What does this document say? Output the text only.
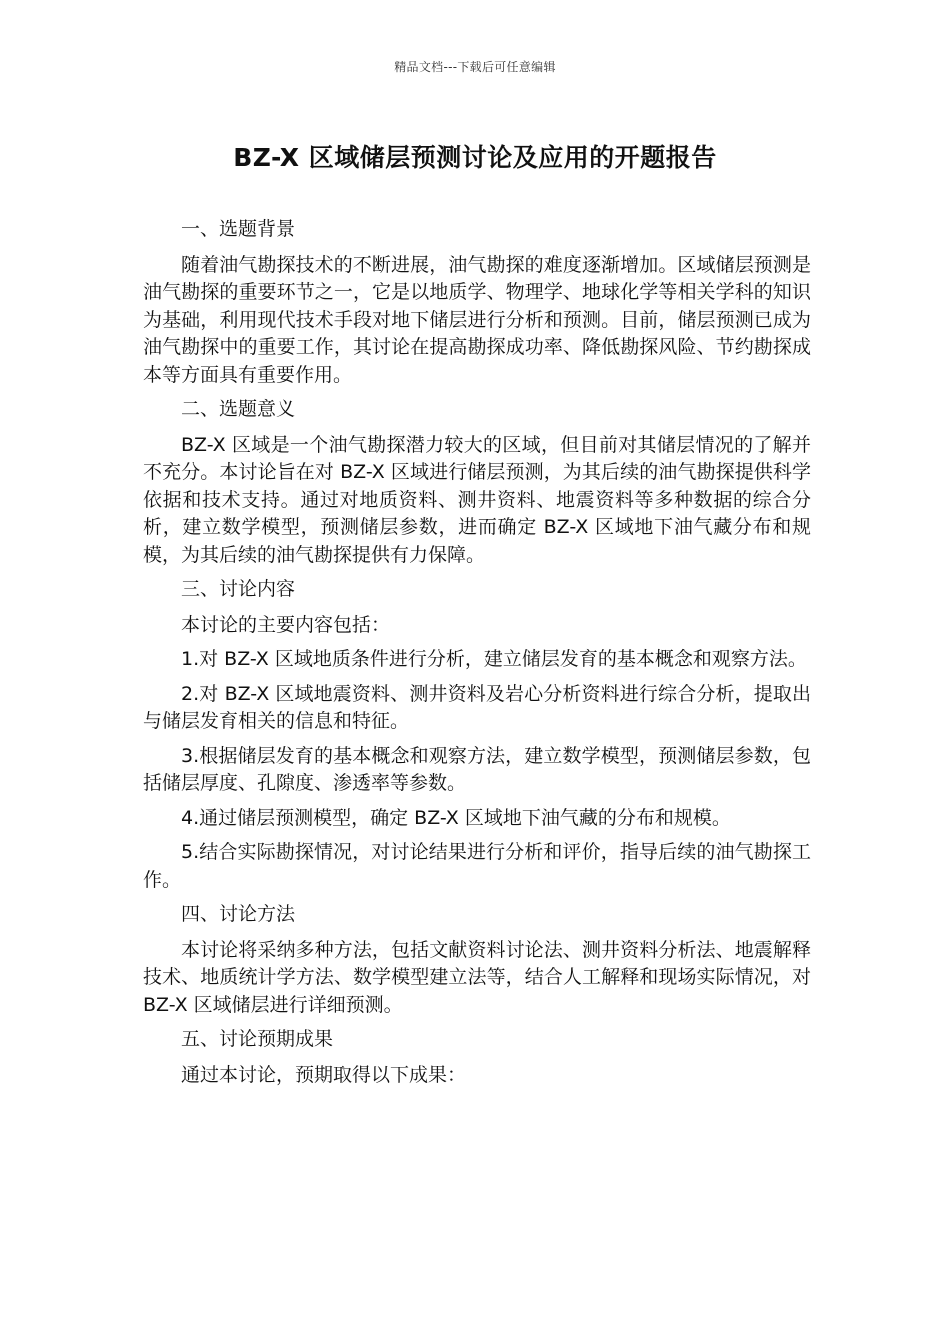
精品文档---下载后可任意编辑
BZ-X 区域储层预测讨论及应用的开题报告

一、选题背景

随着油气勘探技术的不断进展，油气勘探的难度逐渐增加。区域储层预测是油气勘探的重要环节之一，它是以地质学、物理学、地球化学等相关学科的知识为基础，利用现代技术手段对地下储层进行分析和预测。目前，储层预测已成为油气勘探中的重要工作，其讨论在提高勘探成功率、降低勘探风险、节约勘探成本等方面具有重要作用。

二、选题意义

BZ-X 区域是一个油气勘探潜力较大的区域，但目前对其储层情况的了解并不充分。本讨论旨在对 BZ-X 区域进行储层预测，为其后续的油气勘探提供科学依据和技术支持。通过对地质资料、测井资料、地震资料等多种数据的综合分析，建立数学模型，预测储层参数，进而确定 BZ-X 区域地下油气藏分布和规模，为其后续的油气勘探提供有力保障。

三、讨论内容

本讨论的主要内容包括：

1.对 BZ-X 区域地质条件进行分析，建立储层发育的基本概念和观察方法。

2.对 BZ-X 区域地震资料、测井资料及岩心分析资料进行综合分析，提取出与储层发育相关的信息和特征。

3.根据储层发育的基本概念和观察方法，建立数学模型，预测储层参数，包括储层厚度、孔隙度、渗透率等参数。

4.通过储层预测模型，确定 BZ-X 区域地下油气藏的分布和规模。

5.结合实际勘探情况，对讨论结果进行分析和评价，指导后续的油气勘探工作。

四、讨论方法

本讨论将采纳多种方法，包括文献资料讨论法、测井资料分析法、地震解释技术、地质统计学方法、数学模型建立法等，结合人工解释和现场实际情况，对 BZ-X 区域储层进行详细预测。

五、讨论预期成果

通过本讨论，预期取得以下成果：
